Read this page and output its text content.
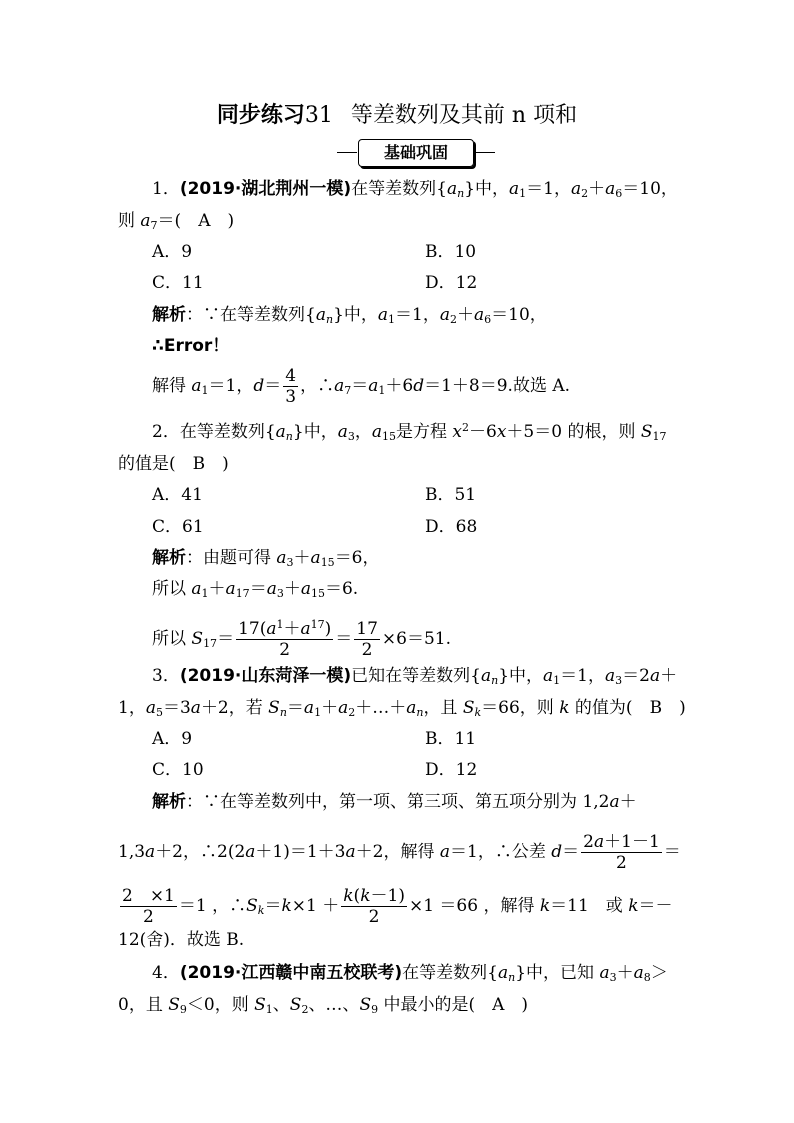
同步练习31 等差数列及其前 n 项和
基础巩固
1．(2019·湖北荆州一模)在等差数列$\{a_n\}$中，$a_1=1$，$a_2+a_6=10$，
则 $a_7=$(　A　)
A．9	B．10
C．11	D．12
解析：∵在等差数列$\{a_n\}$中，$a_1=1$，$a_2+a_6=10$，
∴Error！
解得 $a_1=1$，$d= \frac{4}{3}$ ，$\therefore a_7=a_1+6d=1+8=9$.故选 A.
2．在等差数列$\{a_n\}$中，$a_3$，$a_{15}$是方程 $x^2-6x+5=0$ 的根，则 $S_{17}$
的值是(　B　)
A．41	B．51
C．61	D．68
解析：由题可得 $a_3+a_{15}=6$，
所以 $a_1+a_{17}=a_3+a_{15}=6$.
所以 $S_{17}= \frac{17(a^1+a^{17})}{2} = \frac{17}{2} \times 6=51$.
3．(2019·山东菏泽一模)已知在等差数列$\{a_n\}$中，$a_1=1$，$a_3=2a+$
1，$a_5=3a+2$，若 $S_n=a_1+a_2+\dots+a_n$，且 $S_k=66$，则 k 的值为(　B　)
A．9	B．11
C．10	D．12
解析：∵在等差数列中，第一项、第三项、第五项分别为 1,2a＋
1,3a＋2，∴2(2a＋1)＝1＋3a＋2，解得 a＝1，∴公差 $d= \frac{2a+1-1}{2}$ ＝
$\frac{2 \times 1}{2} =1$ ，$\therefore S_k=k\times 1 + \frac{k(k-1)}{2} \times 1 =66$ ，解得 k＝11　或 k＝－
12(舍)．故选 B.
4．(2019·江西赣中南五校联考)在等差数列$\{a_n\}$中，已知 $a_3+a_8>$
0，且 $S_9<0$，则 $S_1$、$S_2$、…、$S_9$ 中最小的是(　A　)
